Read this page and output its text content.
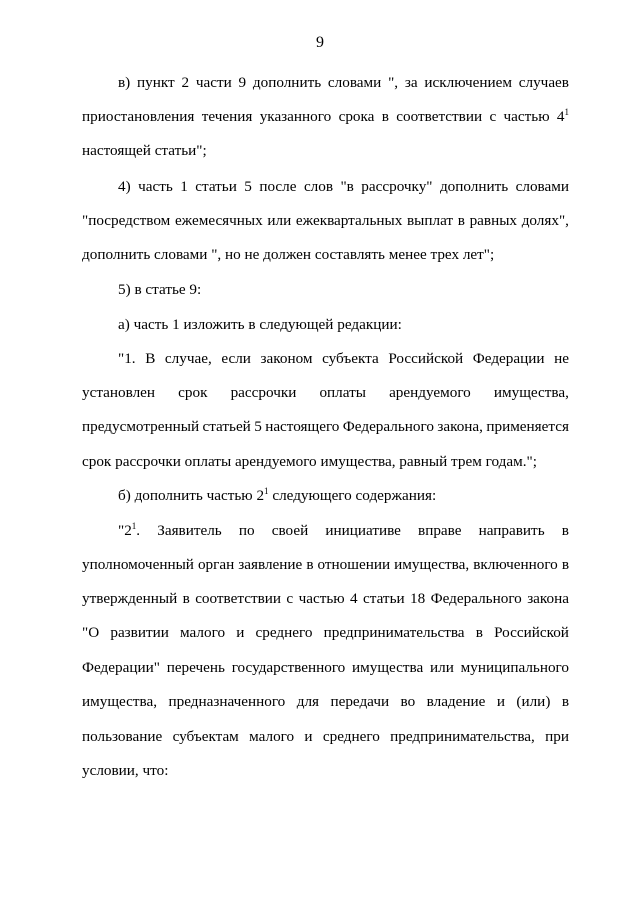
9
в) пункт 2 части 9 дополнить словами ", за исключением случаев
приостановления течения указанного срока в соответствии с частью 41
настоящей статьи";
4) часть 1 статьи 5 после слов "в рассрочку" дополнить словами
"посредством ежемесячных или ежеквартальных выплат в равных долях",
дополнить словами ", но не должен составлять менее трех лет";
5) в статье 9:
а) часть 1 изложить в следующей редакции:
"1. В случае, если законом субъекта Российской Федерации не
установлен срок рассрочки оплаты арендуемого имущества,
предусмотренный статьей 5 настоящего Федерального закона, применяется
срок рассрочки оплаты арендуемого имущества, равный трем годам.";
б) дополнить частью $2^1$ следующего содержания:
"21. Заявитель по своей инициативе вправе направить в
уполномоченный орган заявление в отношении имущества, включенного в
утвержденный в соответствии с частью 4 статьи 18 Федерального закона
"О развитии малого и среднего предпринимательства в Российской
Федерации" перечень государственного имущества или муниципального
имущества, предназначенного для передачи во владение и (или) в
пользование субъектам малого и среднего предпринимательства, при
условии, что:
